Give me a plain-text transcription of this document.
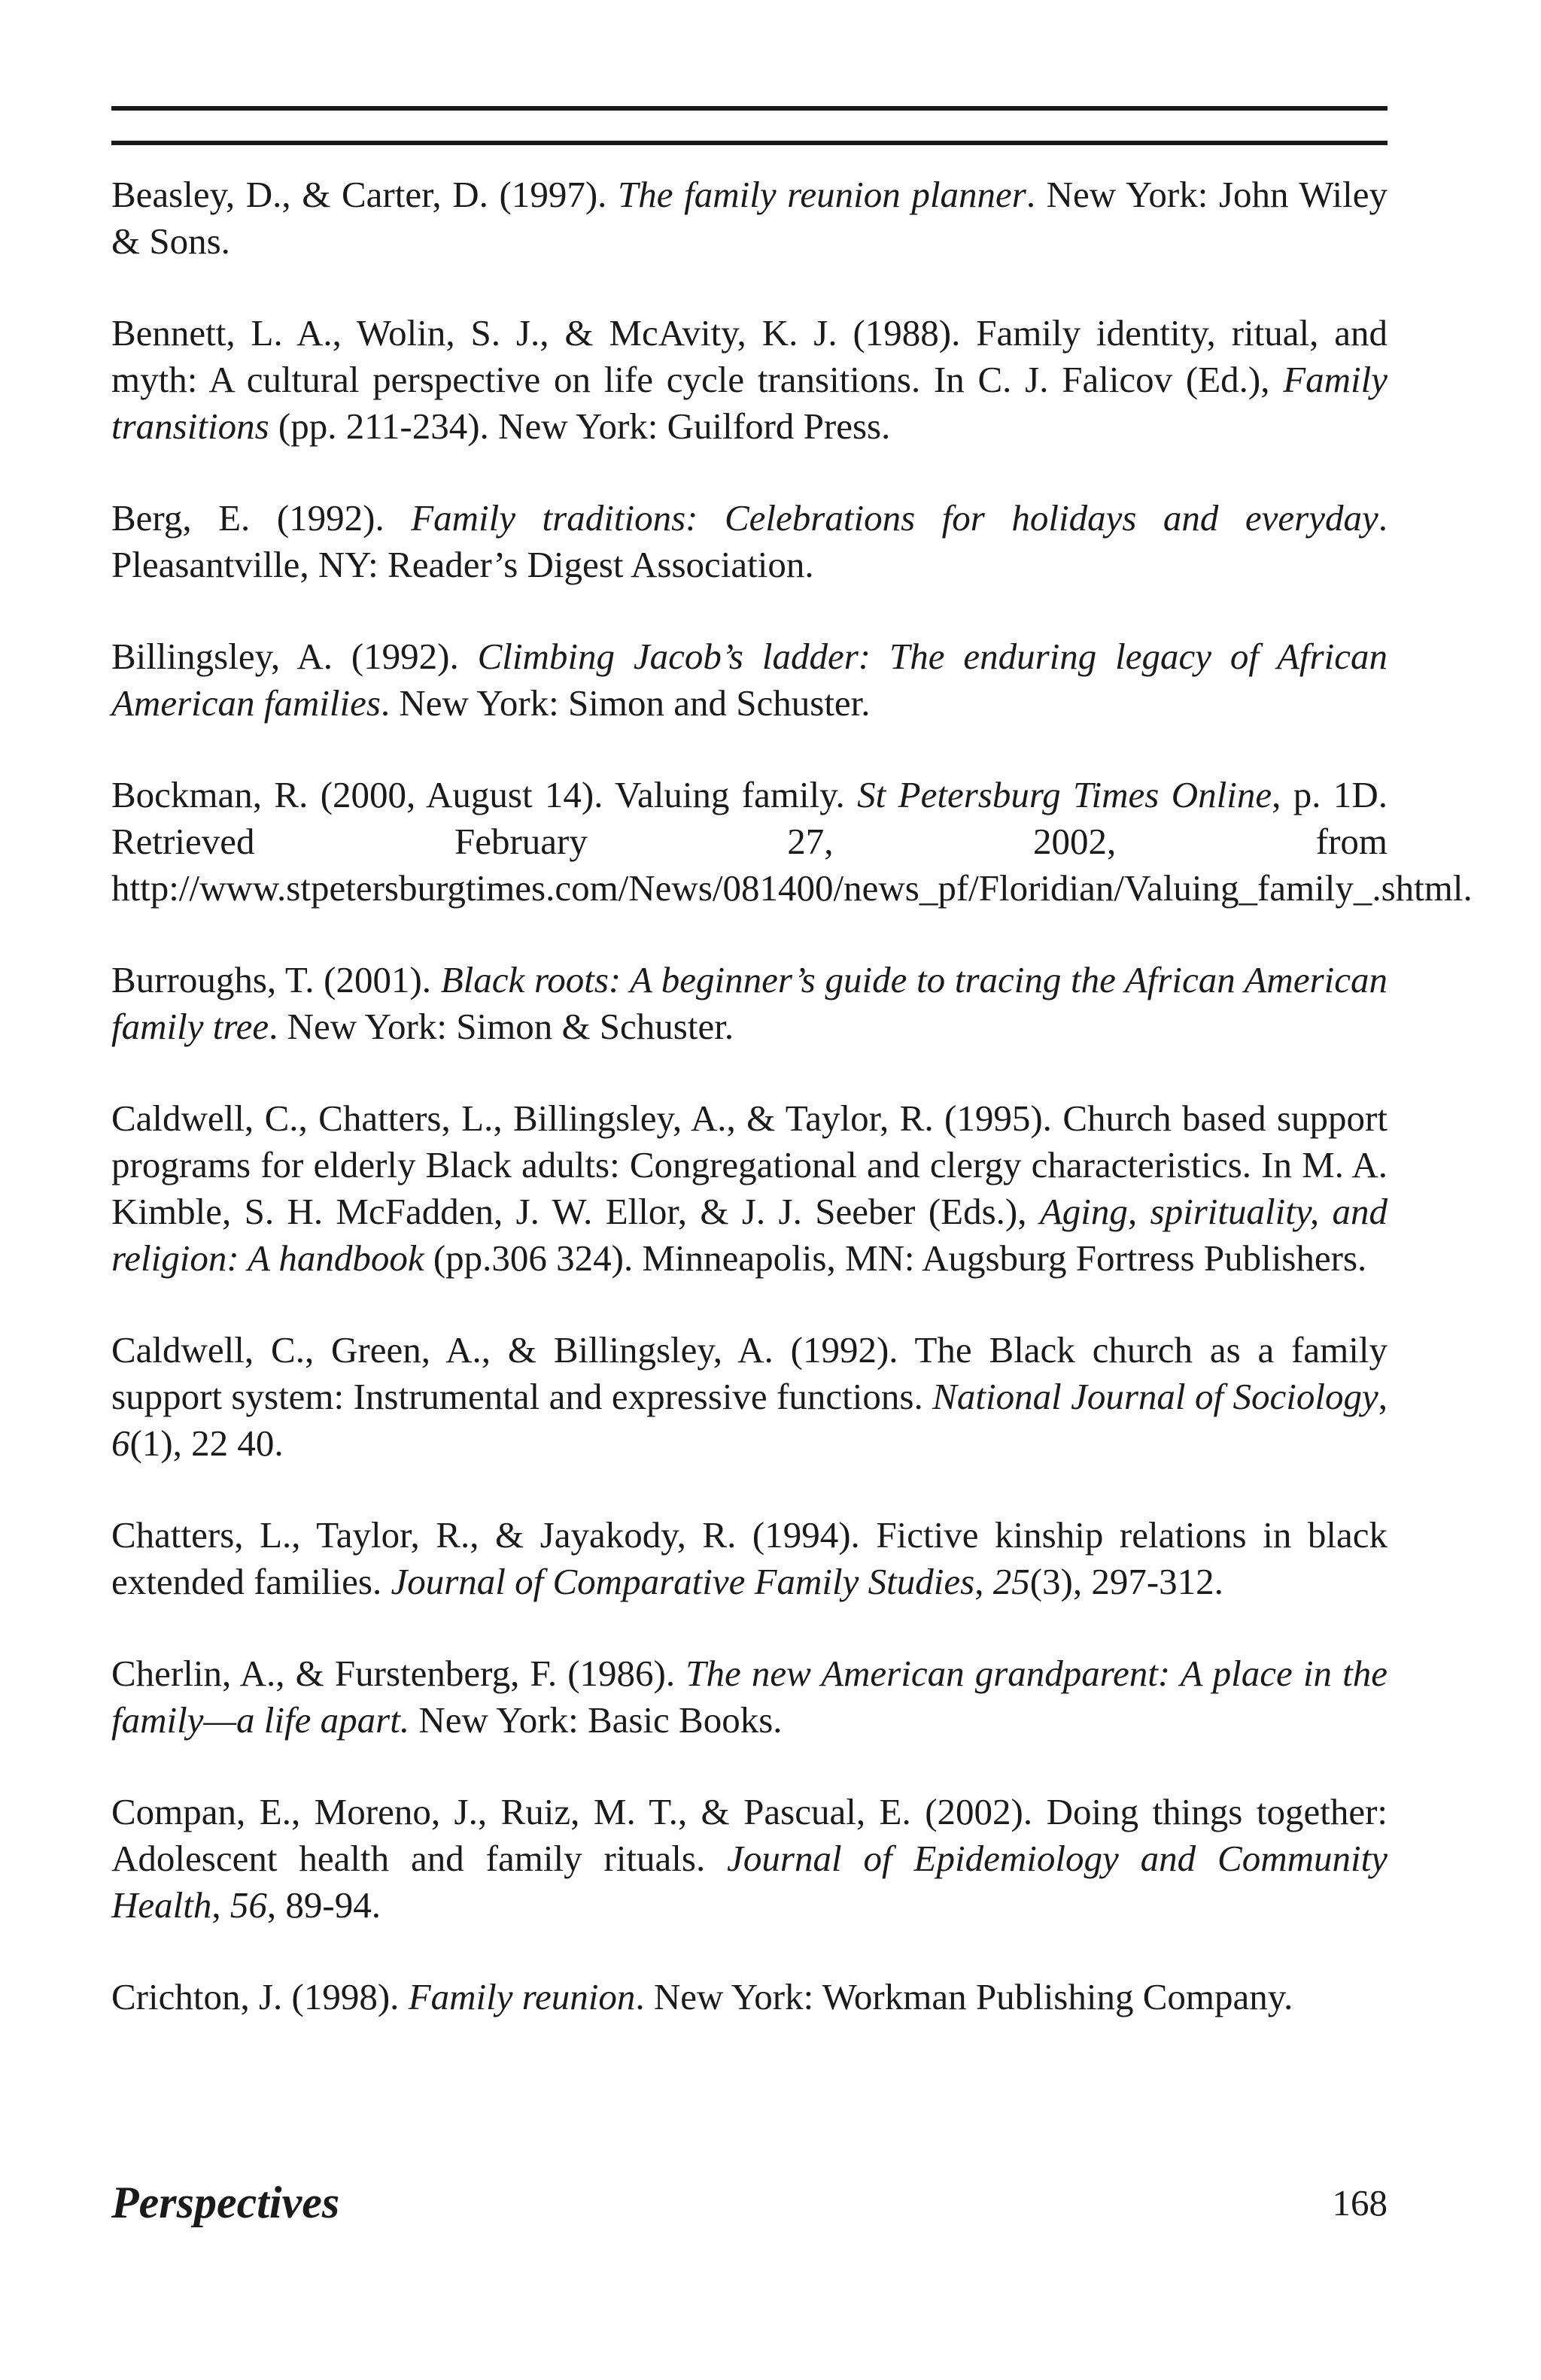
Beasley, D., & Carter, D. (1997). The family reunion planner. New York: John Wiley & Sons.

Bennett, L. A., Wolin, S. J., & McAvity, K. J. (1988). Family identity, ritual, and myth: A cultural perspective on life cycle transitions. In C. J. Falicov (Ed.), Family transitions (pp. 211-234). New York: Guilford Press.

Berg, E. (1992). Family traditions: Celebrations for holidays and everyday. Pleasantville, NY: Reader’s Digest Association.

Billingsley, A. (1992). Climbing Jacob’s ladder: The enduring legacy of African American families. New York: Simon and Schuster.

Bockman, R. (2000, August 14). Valuing family. St Petersburg Times Online, p. 1D. Retrieved February 27, 2002, from http://www.stpetersburgtimes.com/News/081400/news_pf/Floridian/Valuing_family_.shtml.

Burroughs, T. (2001). Black roots: A beginner’s guide to tracing the African American family tree. New York: Simon & Schuster.

Caldwell, C., Chatters, L., Billingsley, A., & Taylor, R. (1995). Church based support programs for elderly Black adults: Congregational and clergy characteristics. In M. A. Kimble, S. H. McFadden, J. W. Ellor, & J. J. Seeber (Eds.), Aging, spirituality, and religion: A handbook (pp.306 324). Minneapolis, MN: Augsburg Fortress Publishers.

Caldwell, C., Green, A., & Billingsley, A. (1992). The Black church as a family support system: Instrumental and expressive functions. National Journal of Sociology, 6(1), 22 40.

Chatters, L., Taylor, R., & Jayakody, R. (1994). Fictive kinship relations in black extended families. Journal of Comparative Family Studies, 25(3), 297-312.

Cherlin, A., & Furstenberg, F. (1986). The new American grandparent: A place in the family—a life apart. New York: Basic Books.

Compan, E., Moreno, J., Ruiz, M. T., & Pascual, E. (2002). Doing things together: Adolescent health and family rituals. Journal of Epidemiology and Community Health, 56, 89-94.

Crichton, J. (1998). Family reunion. New York: Workman Publishing Company.

Perspectives	168
